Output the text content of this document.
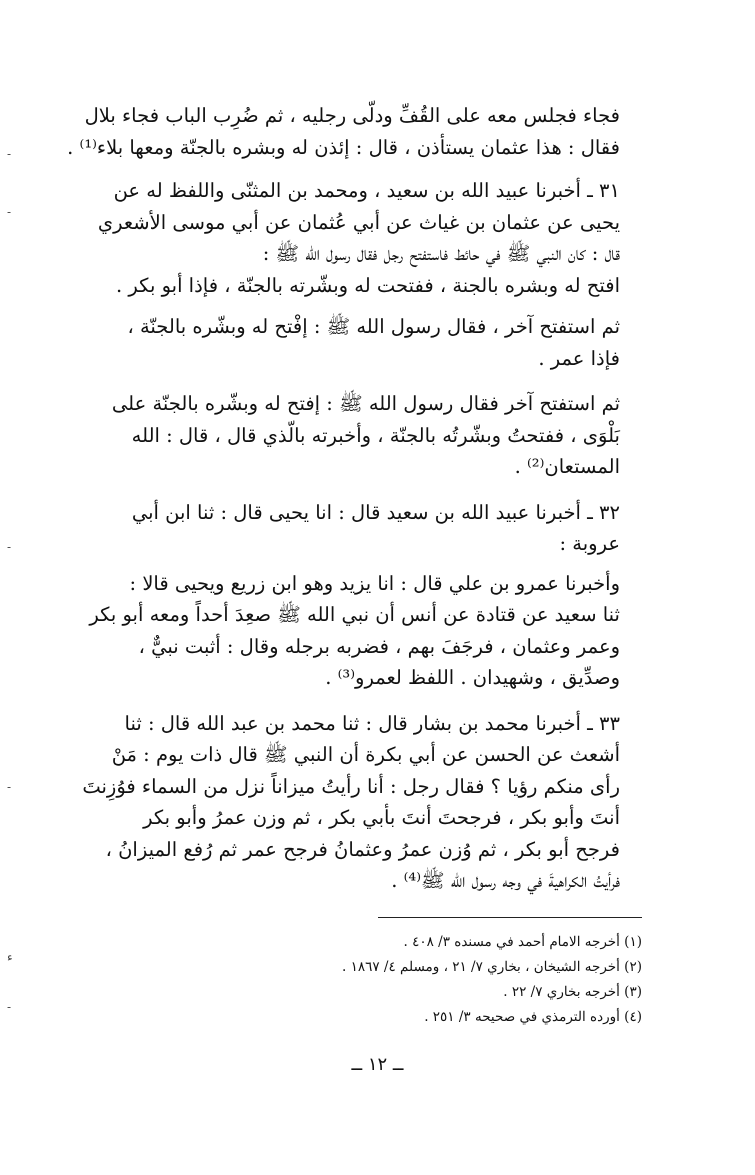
فجاء فجلس معه على القُفِّ ودلّى رجليه ، ثم ضُرِب الباب فجاء بلال

فقال : هذا عثمان يستأذن ، قال : إئذن له وبشره بالجنّة ومعها بلاء⁽¹⁾ .

٣١ ـ أخبرنا عبيد الله بن سعيد ، ومحمد بن المثنّى واللفظ له عن

يحيى عن عثمان بن غياث عن أبي عُثمان عن أبي موسى الأشعري

قال : كان النبي ﷺ في حائط فاستفتح رجل فقال رسول الله ﷺ :

افتح له وبشره بالجنة ، ففتحت له وبشّرته بالجنّة ، فإذا أبو بكر .

ثم استفتح آخر ، فقال رسول الله ﷺ : إفْتح له وبشّره بالجنّة ،

فإذا عمر .

ثم استفتح آخر فقال رسول الله ﷺ : إفتح له وبشّره بالجنّة على

بَلْوَى ، ففتحتُ وبشّرتُه بالجنّة ، وأخبرته بالّذي قال ، قال : الله

المستعان⁽²⁾ .

٣٢ ـ أخبرنا عبيد الله بن سعيد قال : انا يحيى قال : ثنا ابن أبي

عروبة :

وأخبرنا عمرو بن علي قال : انا يزيد وهو ابن زريع ويحيى قالا :

ثنا سعيد عن قتادة عن أنس أن نبي الله ﷺ صعِدَ أحداً ومعه أبو بكر

وعمر وعثمان ، فرجَفَ بهم ، فضربه برجله وقال : أثبت نبيٌّ ،

وصدِّيق ، وشهيدان . اللفظ لعمرو⁽³⁾ .

٣٣ ـ أخبرنا محمد بن بشار قال : ثنا محمد بن عبد الله قال : ثنا

أشعث عن الحسن عن أبي بكرة أن النبي ﷺ قال ذات يوم : مَنْ

رأى منكم رؤيا ؟ فقال رجل : أنا رأيتُ ميزاناً نزل من السماء فوُزِنتَ

أنتَ وأبو بكر ، فرجحتَ أنتَ بأبي بكر ، ثم وزن عمرُ وأبو بكر

فرجح أبو بكر ، ثم وُزن عمرُ وعثمانُ فرجح عمر ثم رُفع الميزانُ ،

فرأيتُ الكراهيةَ في وجه رسول الله ﷺ⁽⁴⁾ .

(١) أخرجه الامام أحمد في مسنده ٣/ ٤٠٨ .

(٢) أخرجه الشيخان ، بخاري ٧/ ٢١ ، ومسلم ٤/ ١٨٦٧ .

(٣) أخرجه بخاري ٧/ ٢٢ .

(٤) أورده الترمذي في صحيحه ٣/ ٢٥١ .

ــ ١٢ ــ
-
-
-
-
ء
-
